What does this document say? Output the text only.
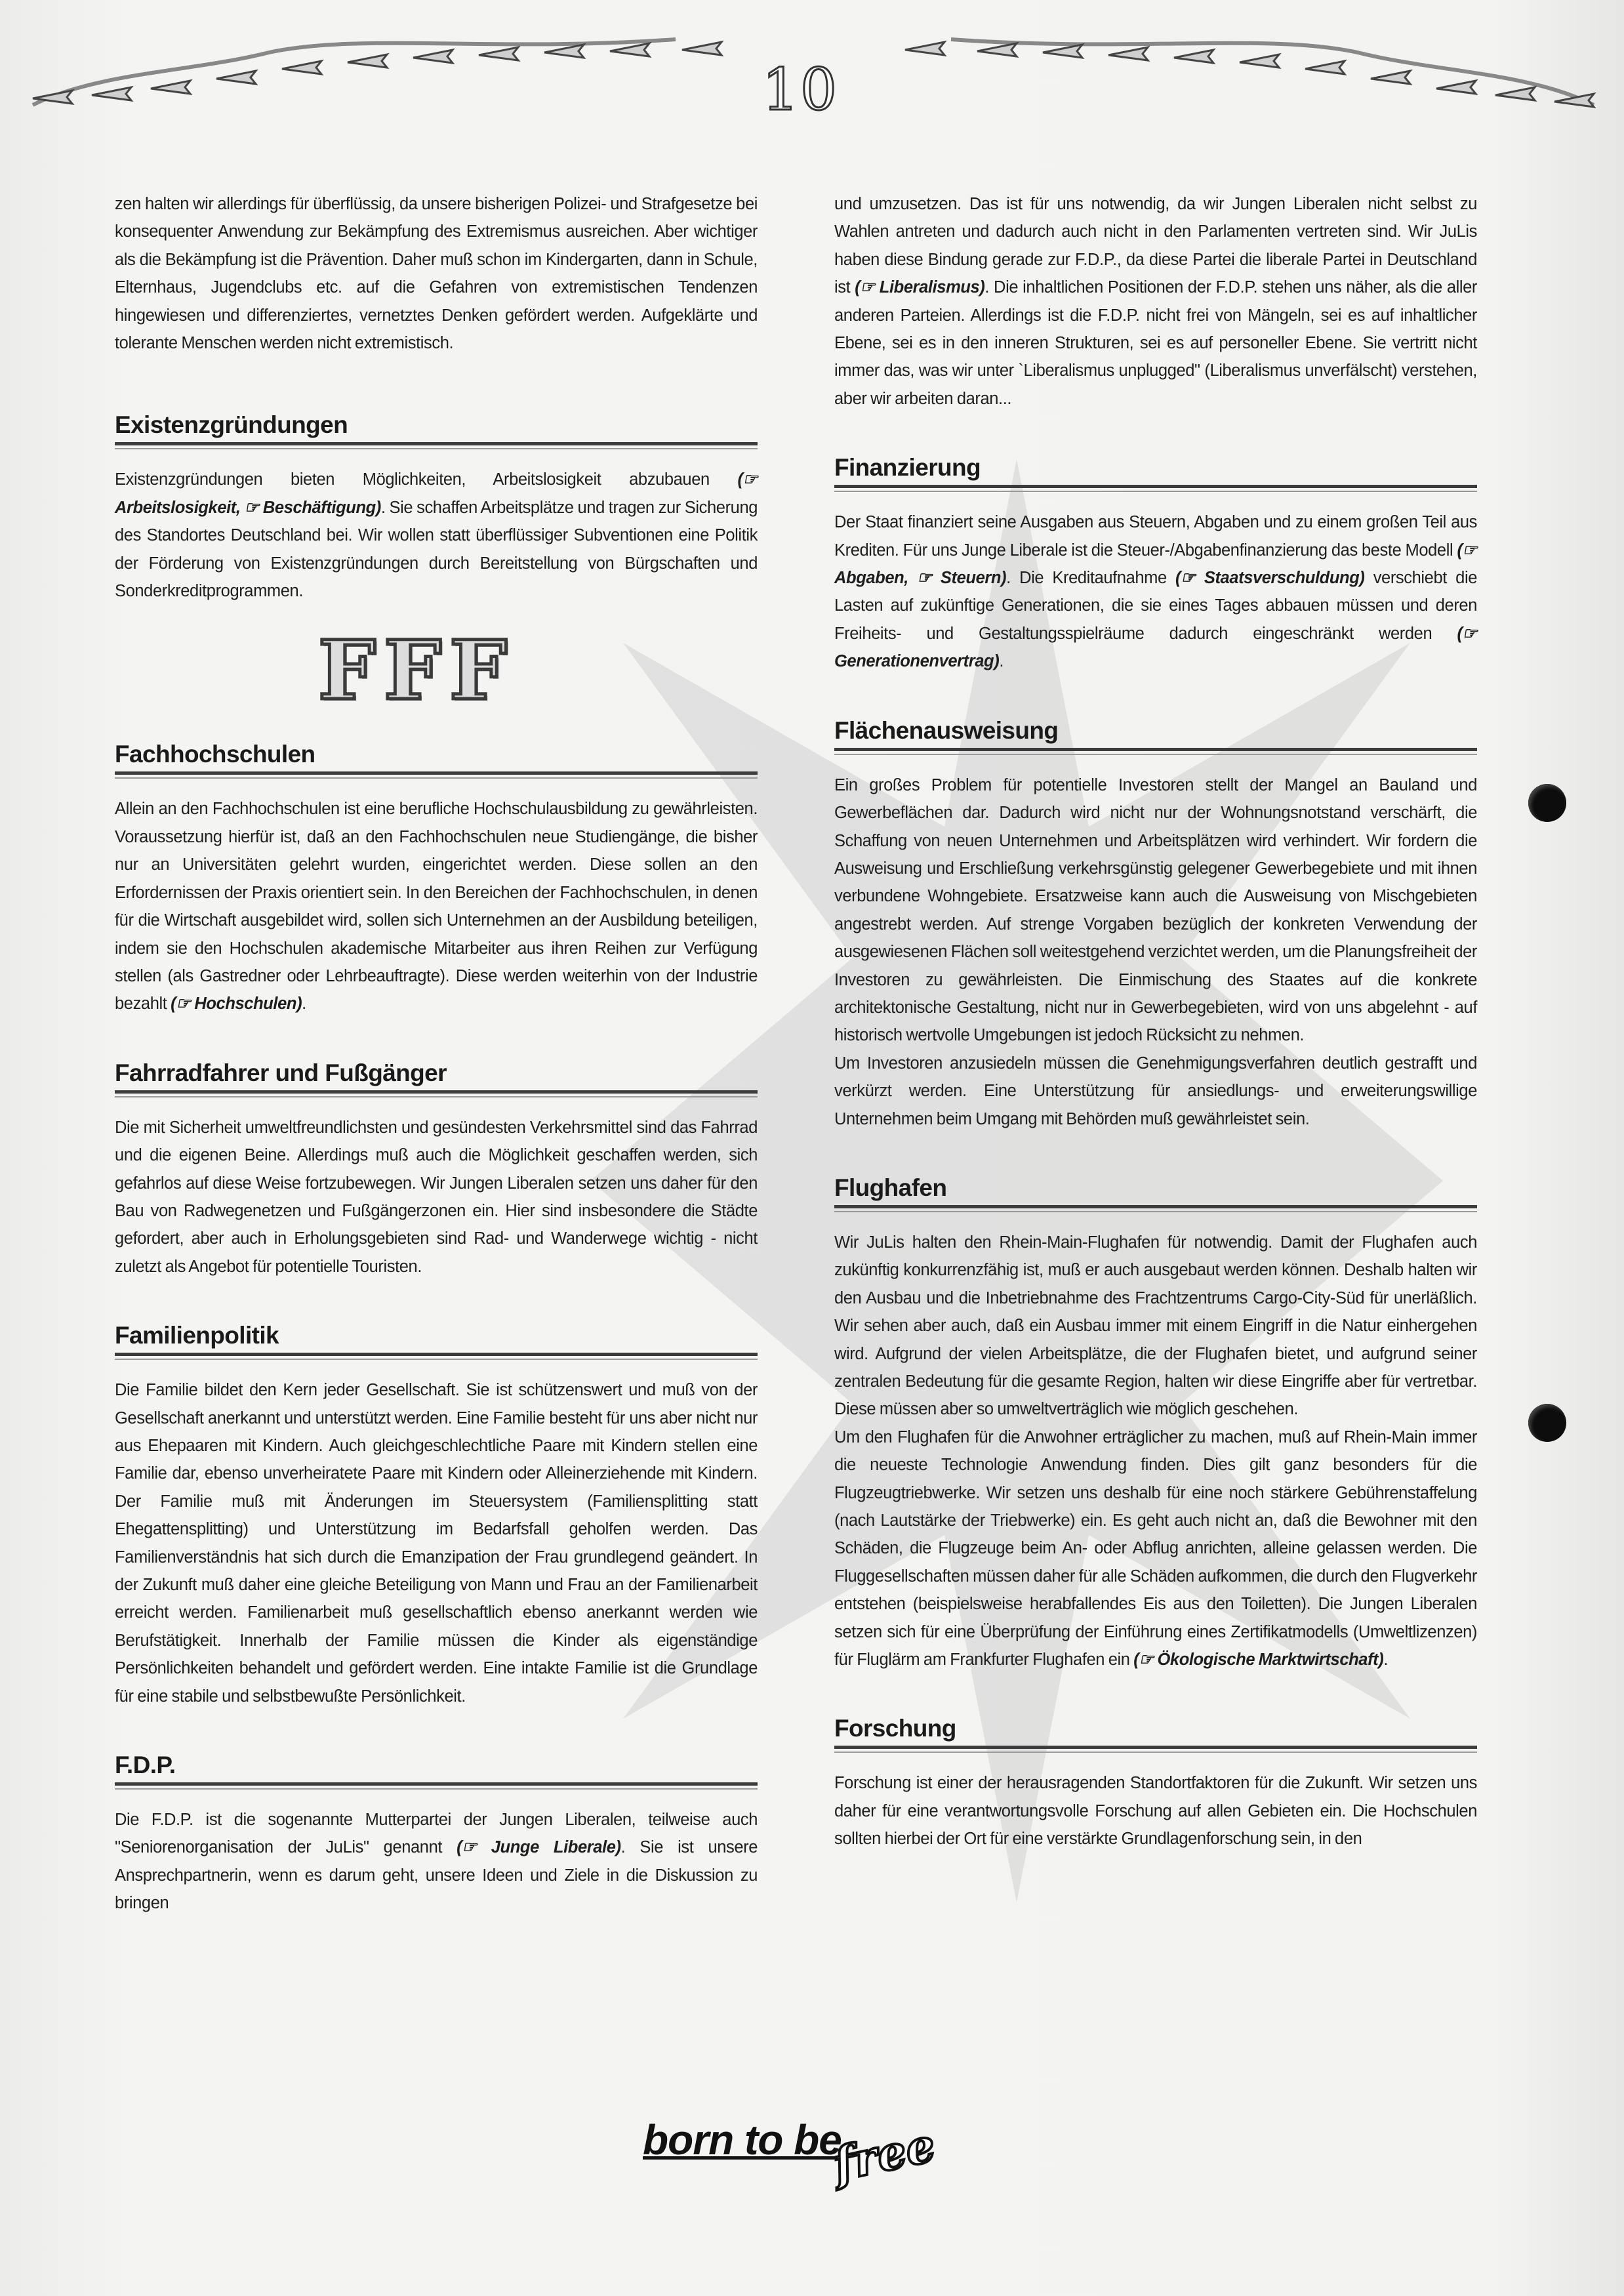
10

zen halten wir allerdings für überflüssig, da unsere bisherigen Polizei- und Strafgesetze bei konsequenter Anwendung zur Bekämpfung des Extremismus ausreichen. Aber wichtiger als die Bekämpfung ist die Prävention. Daher muß schon im Kindergarten, dann in Schule, Elternhaus, Jugendclubs etc. auf die Gefahren von extremistischen Tendenzen hingewiesen und differenziertes, vernetztes Denken gefördert werden. Aufgeklärte und tolerante Menschen werden nicht extremistisch.

Existenzgründungen

Existenzgründungen bieten Möglichkeiten, Arbeitslosigkeit abzubauen (☞ Arbeitslosigkeit, ☞ Beschäftigung). Sie schaffen Arbeitsplätze und tragen zur Sicherung des Standortes Deutschland bei. Wir wollen statt überflüssiger Subventionen eine Politik der Förderung von Existenzgründungen durch Bereitstellung von Bürgschaften und Sonderkreditprogrammen.

F F F
Fachhochschulen

Allein an den Fachhochschulen ist eine berufliche Hochschulausbildung zu gewährleisten. Voraussetzung hierfür ist, daß an den Fachhochschulen neue Studiengänge, die bisher nur an Universitäten gelehrt wurden, eingerichtet werden. Diese sollen an den Erfordernissen der Praxis orientiert sein. In den Bereichen der Fachhochschulen, in denen für die Wirtschaft ausgebildet wird, sollen sich Unternehmen an der Ausbildung beteiligen, indem sie den Hochschulen akademische Mitarbeiter aus ihren Reihen zur Verfügung stellen (als Gastredner oder Lehrbeauftragte). Diese werden weiterhin von der Industrie bezahlt (☞ Hochschulen).

Fahrradfahrer und Fußgänger

Die mit Sicherheit umweltfreundlichsten und gesündesten Verkehrsmittel sind das Fahrrad und die eigenen Beine. Allerdings muß auch die Möglichkeit geschaffen werden, sich gefahrlos auf diese Weise fortzubewegen. Wir Jungen Liberalen setzen uns daher für den Bau von Radwegenetzen und Fußgängerzonen ein. Hier sind insbesondere die Städte gefordert, aber auch in Erholungsgebieten sind Rad- und Wanderwege wichtig - nicht zuletzt als Angebot für potentielle Touristen.

Familienpolitik

Die Familie bildet den Kern jeder Gesellschaft. Sie ist schützenswert und muß von der Gesellschaft anerkannt und unterstützt werden. Eine Familie besteht für uns aber nicht nur aus Ehepaaren mit Kindern. Auch gleichgeschlechtliche Paare mit Kindern stellen eine Familie dar, ebenso unverheiratete Paare mit Kindern oder Alleinerziehende mit Kindern. Der Familie muß mit Änderungen im Steuersystem (Familiensplitting statt Ehegattensplitting) und Unterstützung im Bedarfsfall geholfen werden. Das Familienverständnis hat sich durch die Emanzipation der Frau grundlegend geändert. In der Zukunft muß daher eine gleiche Beteiligung von Mann und Frau an der Familienarbeit erreicht werden. Familienarbeit muß gesellschaftlich ebenso anerkannt werden wie Berufstätigkeit. Innerhalb der Familie müssen die Kinder als eigenständige Persönlichkeiten behandelt und gefördert werden. Eine intakte Familie ist die Grundlage für eine stabile und selbstbewußte Persönlichkeit.

F.D.P.

Die F.D.P. ist die sogenannte Mutterpartei der Jungen Liberalen, teilweise auch "Seniorenorganisation der JuLis" genannt (☞ Junge Liberale). Sie ist unsere Ansprechpartnerin, wenn es darum geht, unsere Ideen und Ziele in die Diskussion zu bringen

und umzusetzen. Das ist für uns notwendig, da wir Jungen Liberalen nicht selbst zu Wahlen antreten und dadurch auch nicht in den Parlamenten vertreten sind. Wir JuLis haben diese Bindung gerade zur F.D.P., da diese Partei die liberale Partei in Deutschland ist (☞ Liberalismus). Die inhaltlichen Positionen der F.D.P. stehen uns näher, als die aller anderen Parteien. Allerdings ist die F.D.P. nicht frei von Mängeln, sei es auf inhaltlicher Ebene, sei es in den inneren Strukturen, sei es auf personeller Ebene. Sie vertritt nicht immer das, was wir unter `Liberalismus unplugged" (Liberalismus unverfälscht) verstehen, aber wir arbeiten daran...

Finanzierung

Der Staat finanziert seine Ausgaben aus Steuern, Abgaben und zu einem großen Teil aus Krediten. Für uns Junge Liberale ist die Steuer-/Abgabenfinanzierung das beste Modell (☞ Abgaben, ☞ Steuern). Die Kreditaufnahme (☞ Staatsverschuldung) verschiebt die Lasten auf zukünftige Generationen, die sie eines Tages abbauen müssen und deren Freiheits- und Gestaltungsspielräume dadurch eingeschränkt werden (☞ Generationenvertrag).

Flächenausweisung

Ein großes Problem für potentielle Investoren stellt der Mangel an Bauland und Gewerbeflächen dar. Dadurch wird nicht nur der Wohnungsnotstand verschärft, die Schaffung von neuen Unternehmen und Arbeitsplätzen wird verhindert. Wir fordern die Ausweisung und Erschließung verkehrsgünstig gelegener Gewerbegebiete und mit ihnen verbundene Wohngebiete. Ersatzweise kann auch die Ausweisung von Mischgebieten angestrebt werden. Auf strenge Vorgaben bezüglich der konkreten Verwendung der ausgewiesenen Flächen soll weitestgehend verzichtet werden, um die Planungsfreiheit der Investoren zu gewährleisten. Die Einmischung des Staates auf die konkrete architektonische Gestaltung, nicht nur in Gewerbegebieten, wird von uns abgelehnt - auf historisch wertvolle Umgebungen ist jedoch Rücksicht zu nehmen.

Um Investoren anzusiedeln müssen die Genehmigungsverfahren deutlich gestrafft und verkürzt werden. Eine Unterstützung für ansiedlungs- und erweiterungswillige Unternehmen beim Umgang mit Behörden muß gewährleistet sein.

Flughafen

Wir JuLis halten den Rhein-Main-Flughafen für notwendig. Damit der Flughafen auch zukünftig konkurrenzfähig ist, muß er auch ausgebaut werden können. Deshalb halten wir den Ausbau und die Inbetriebnahme des Frachtzentrums Cargo-City-Süd für unerläßlich. Wir sehen aber auch, daß ein Ausbau immer mit einem Eingriff in die Natur einhergehen wird. Aufgrund der vielen Arbeitsplätze, die der Flughafen bietet, und aufgrund seiner zentralen Bedeutung für die gesamte Region, halten wir diese Eingriffe aber für vertretbar. Diese müssen aber so umweltverträglich wie möglich geschehen.

Um den Flughafen für die Anwohner erträglicher zu machen, muß auf Rhein-Main immer die neueste Technologie Anwendung finden. Dies gilt ganz besonders für die Flugzeugtriebwerke. Wir setzen uns deshalb für eine noch stärkere Gebührenstaffelung (nach Lautstärke der Triebwerke) ein. Es geht auch nicht an, daß die Bewohner mit den Schäden, die Flugzeuge beim An- oder Abflug anrichten, alleine gelassen werden. Die Fluggesellschaften müssen daher für alle Schäden aufkommen, die durch den Flugverkehr entstehen (beispielsweise herabfallendes Eis aus den Toiletten). Die Jungen Liberalen setzen sich für eine Überprüfung der Einführung eines Zertifikatmodells (Umweltlizenzen) für Fluglärm am Frankfurter Flughafen ein (☞ Ökologische Marktwirtschaft).

Forschung

Forschung ist einer der herausragenden Standortfaktoren für die Zukunft. Wir setzen uns daher für eine verantwortungsvolle Forschung auf allen Gebieten ein. Die Hochschulen sollten hierbei der Ort für eine verstärkte Grundlagenforschung sein, in den

born to be
free
